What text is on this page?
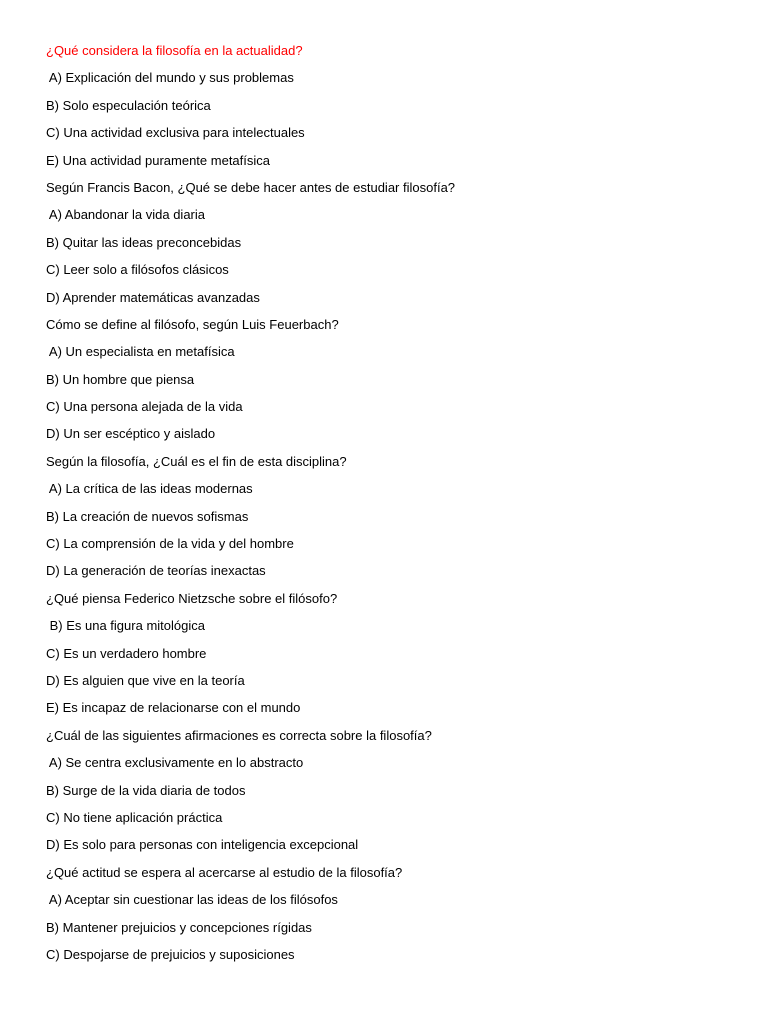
¿Qué considera la filosofía en la actualidad?
A) Explicación del mundo y sus problemas
B) Solo especulación teórica
C) Una actividad exclusiva para intelectuales
E) Una actividad puramente metafísica
Según Francis Bacon, ¿Qué se debe hacer antes de estudiar filosofía?
A) Abandonar la vida diaria
B) Quitar las ideas preconcebidas
C) Leer solo a filósofos clásicos
D) Aprender matemáticas avanzadas
Cómo se define al filósofo, según Luis Feuerbach?
A) Un especialista en metafísica
B) Un hombre que piensa
C) Una persona alejada de la vida
D) Un ser escéptico y aislado
Según la filosofía, ¿Cuál es el fin de esta disciplina?
A) La crítica de las ideas modernas
B) La creación de nuevos sofismas
C) La comprensión de la vida y del hombre
D) La generación de teorías inexactas
¿Qué piensa Federico Nietzsche sobre el filósofo?
B) Es una figura mitológica
C) Es un verdadero hombre
D) Es alguien que vive en la teoría
E) Es incapaz de relacionarse con el mundo
¿Cuál de las siguientes afirmaciones es correcta sobre la filosofía?
A) Se centra exclusivamente en lo abstracto
B) Surge de la vida diaria de todos
C) No tiene aplicación práctica
D) Es solo para personas con inteligencia excepcional
¿Qué actitud se espera al acercarse al estudio de la filosofía?
A) Aceptar sin cuestionar las ideas de los filósofos
B) Mantener prejuicios y concepciones rígidas
C) Despojarse de prejuicios y suposiciones
